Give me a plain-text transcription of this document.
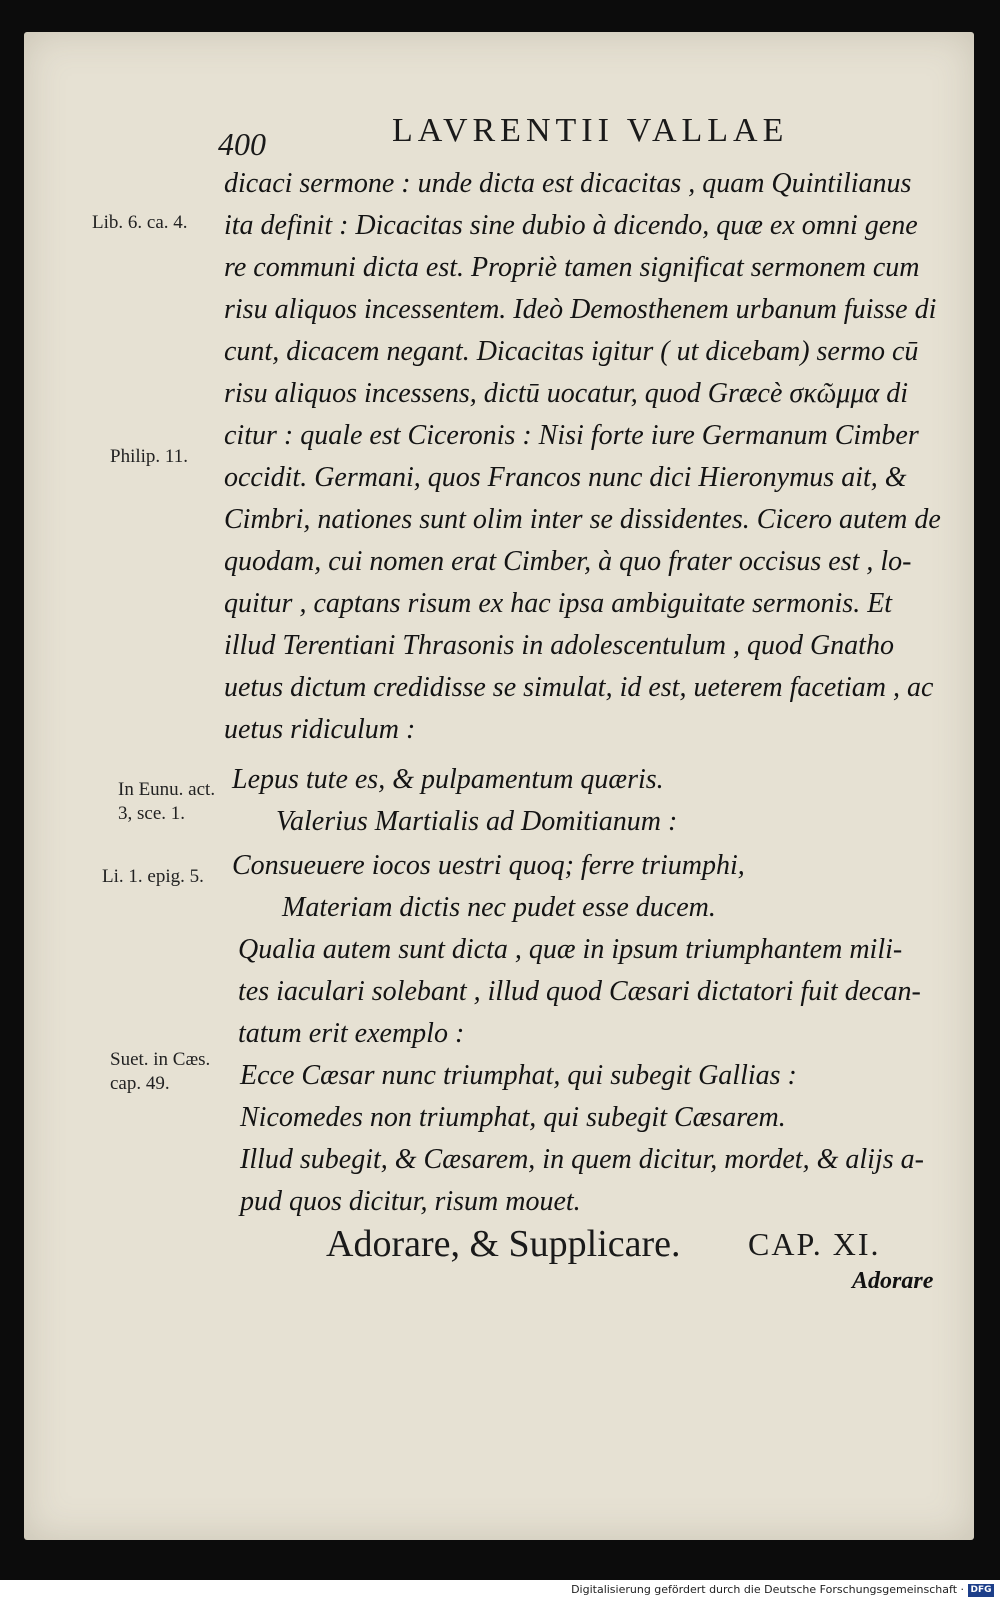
400	LAVRENTII VALLAE
dicaci sermone : unde dicta est dicacitas , quam Quintilianus
ita definit : Dicacitas sine dubio à dicendo, quæ ex omni gene
re communi dicta est. Propriè tamen significat sermonem cum
risu aliquos incessentem. Ideò Demosthenem urbanum fuisse di
cunt, dicacem negant. Dicacitas igitur ( ut dicebam) sermo cū
risu aliquos incessens, dictū uocatur, quod Græcè σκῶμμα di
citur : quale est Ciceronis : Nisi forte iure Germanum Cimber
occidit. Germani, quos Francos nunc dici Hieronymus ait, &
Cimbri, nationes sunt olim inter se dissidentes. Cicero autem de
quodam, cui nomen erat Cimber, à quo frater occisus est , lo-
quitur , captans risum ex hac ipsa ambiguitate sermonis. Et
illud Terentiani Thrasonis in adolescentulum , quod Gnatho
uetus dictum credidisse se simulat, id est, ueterem facetiam , ac
uetus ridiculum :
Lepus tute es, & pulpamentum quæris.
Valerius Martialis ad Domitianum :
Consueuere iocos uestri quoq; ferre triumphi,
Materiam dictis nec pudet esse ducem.
Qualia autem sunt dicta , quæ in ipsum triumphantem mili-
tes iaculari solebant , illud quod Cæsari dictatori fuit decan-
tatum erit exemplo :
Ecce Cæsar nunc triumphat, qui subegit Gallias :
Nicomedes non triumphat, qui subegit Cæsarem.
Illud subegit, & Cæsarem, in quem dicitur, mordet, & alijs a-
pud quos dicitur, risum mouet.
Lib. 6. ca. 4.
Philip. 11.
In Eunu. act. 3, sce. 1.
Li. 1. epig. 5.
Suet. in Cæs. cap. 49.
Adorare, & Supplicare. CAP. XI.
Adorare
Digitalisierung gefördert durch die Deutsche Forschungsgemeinschaft · DFG
